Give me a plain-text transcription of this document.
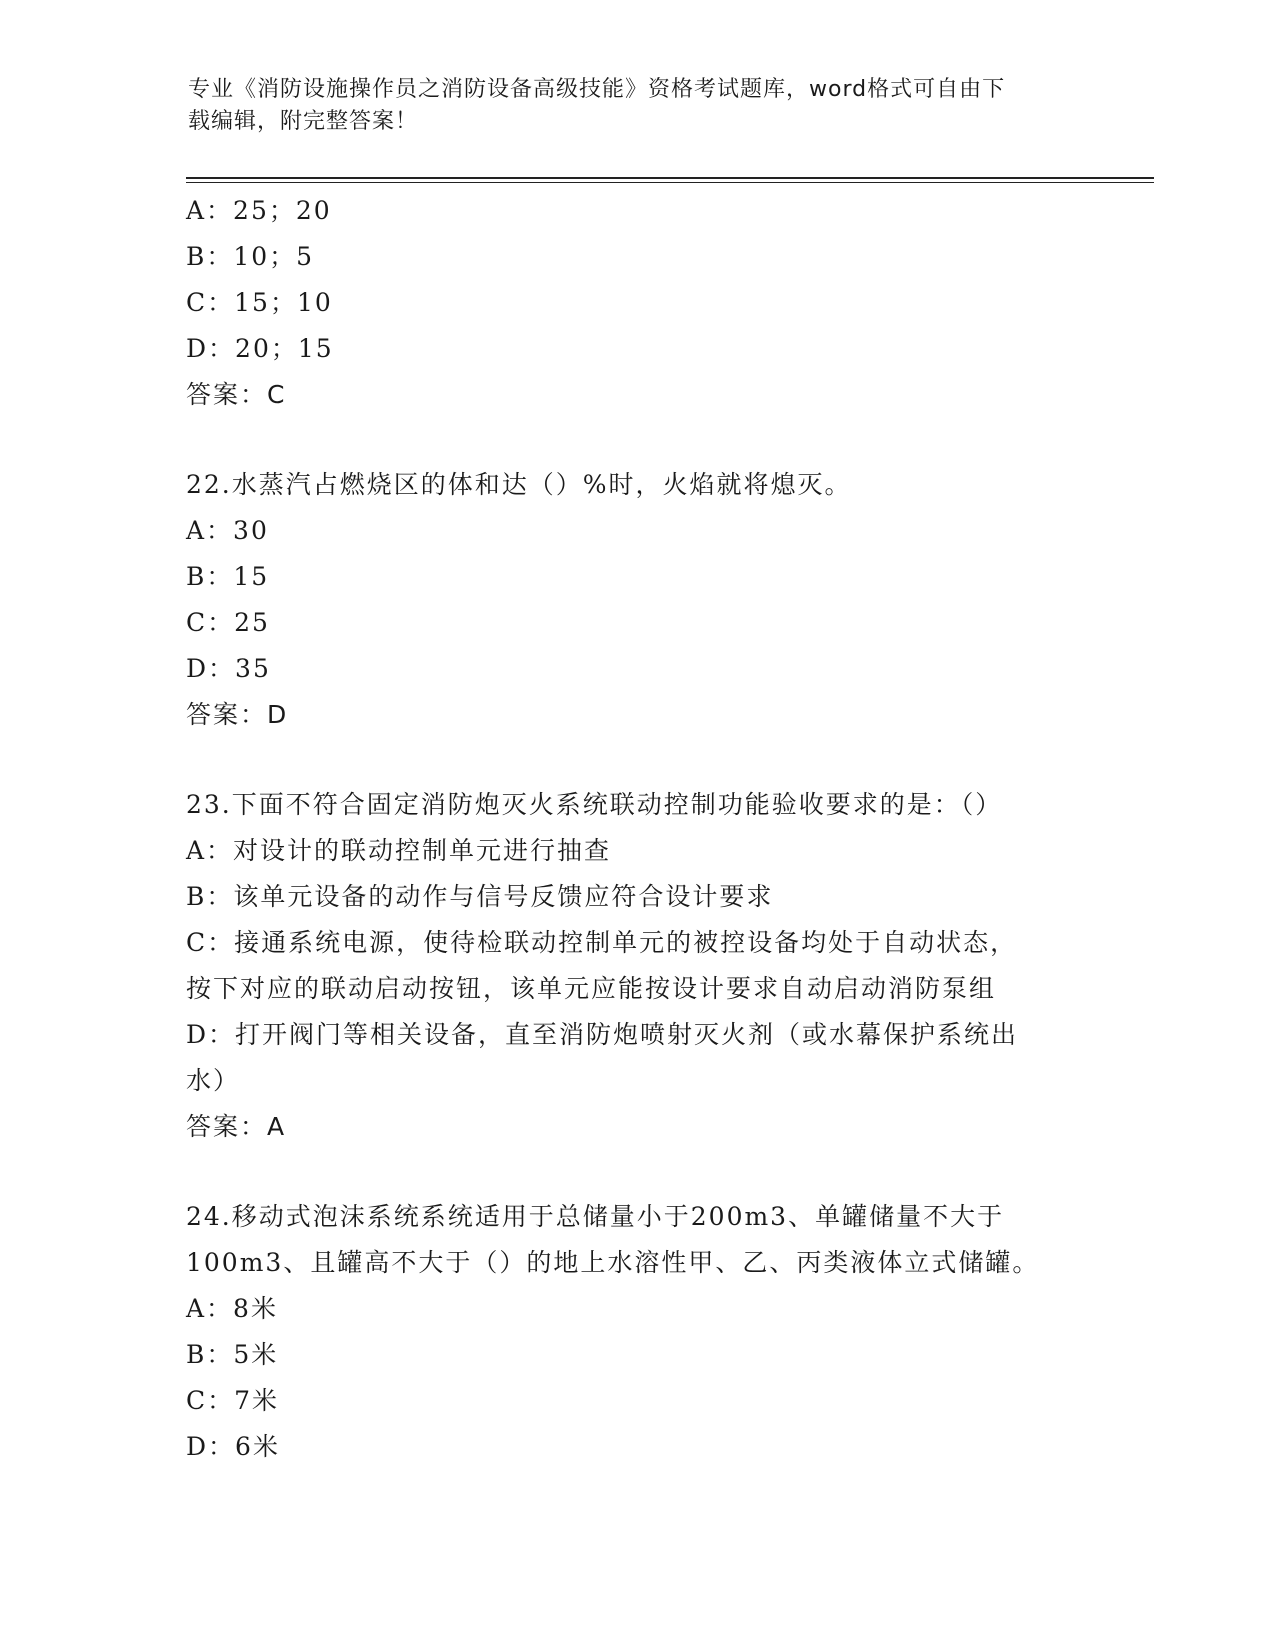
专业《消防设施操作员之消防设备高级技能》资格考试题库，word格式可自由下
载编辑，附完整答案！
A：25；20
B：10；5
C：15；10
D：20；15
答案：C
22.水蒸汽占燃烧区的体和达（）%时，火焰就将熄灭。
A：30
B：15
C：25
D：35
答案：D
23.下面不符合固定消防炮灭火系统联动控制功能验收要求的是：（）
A：对设计的联动控制单元进行抽查
B：该单元设备的动作与信号反馈应符合设计要求
C：接通系统电源，使待检联动控制单元的被控设备均处于自动状态，
按下对应的联动启动按钮，该单元应能按设计要求自动启动消防泵组
D：打开阀门等相关设备，直至消防炮喷射灭火剂（或水幕保护系统出
水）
答案：A
24.移动式泡沫系统系统适用于总储量小于200m3、单罐储量不大于
100m3、且罐高不大于（）的地上水溶性甲、乙、丙类液体立式储罐。
A：8米
B：5米
C：7米
D：6米
